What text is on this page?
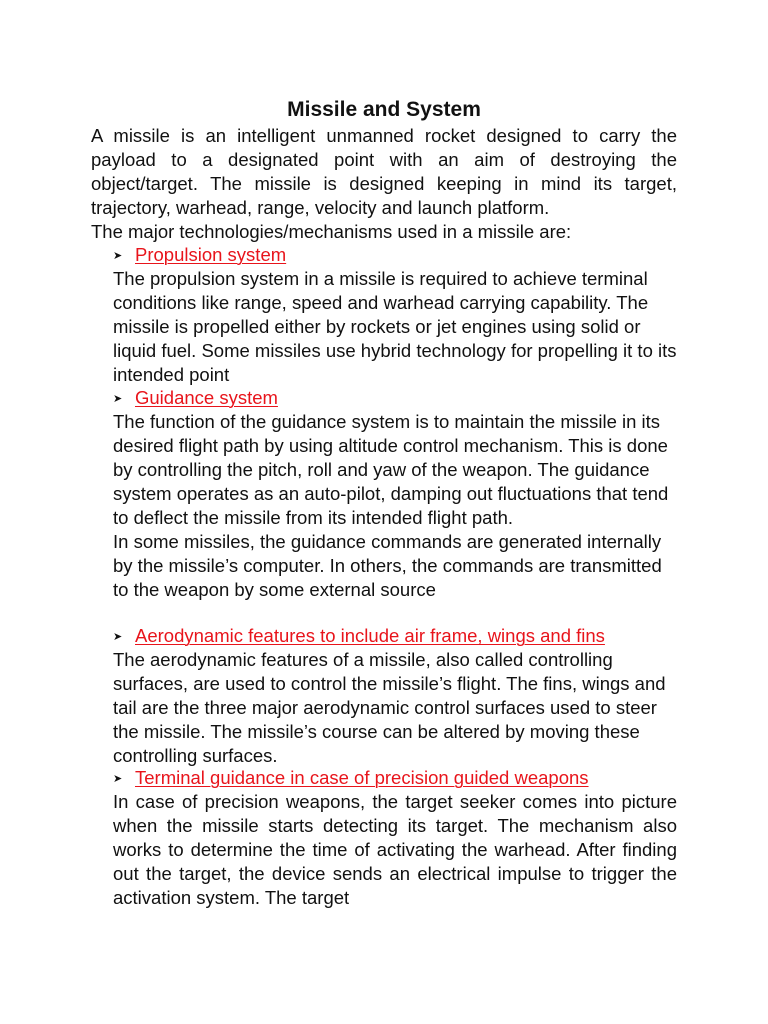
Missile and System

A missile is an intelligent unmanned rocket designed to carry the payload to a designated point with an aim of destroying the object/target. The missile is designed keeping in mind its target, trajectory, warhead, range, velocity and launch platform.

The major technologies/mechanisms used in a missile are:

➤ Propulsion system

The propulsion system in a missile is required to achieve terminal conditions like range, speed and warhead carrying capability. The missile is propelled either by rockets or jet engines using solid or liquid fuel. Some missiles use hybrid technology for propelling it to its intended point

➤ Guidance system

The function of the guidance system is to maintain the missile in its desired flight path by using altitude control mechanism. This is done by controlling the pitch, roll and yaw of the weapon. The guidance system operates as an auto-pilot, damping out fluctuations that tend to deflect the missile from its intended flight path.

In some missiles, the guidance commands are generated internally by the missile’s computer. In others, the commands are transmitted to the weapon by some external source

➤ Aerodynamic features to include air frame, wings and fins

The aerodynamic features of a missile, also called controlling surfaces, are used to control the missile’s flight. The fins, wings and tail are the three major aerodynamic control surfaces used to steer the missile. The missile’s course can be altered by moving these controlling surfaces.

➤ Terminal guidance in case of precision guided weapons

In case of precision weapons, the target seeker comes into picture when the missile starts detecting its target. The mechanism also works to determine the time of activating the warhead. After finding out the target, the device sends an electrical impulse to trigger the activation system. The target
